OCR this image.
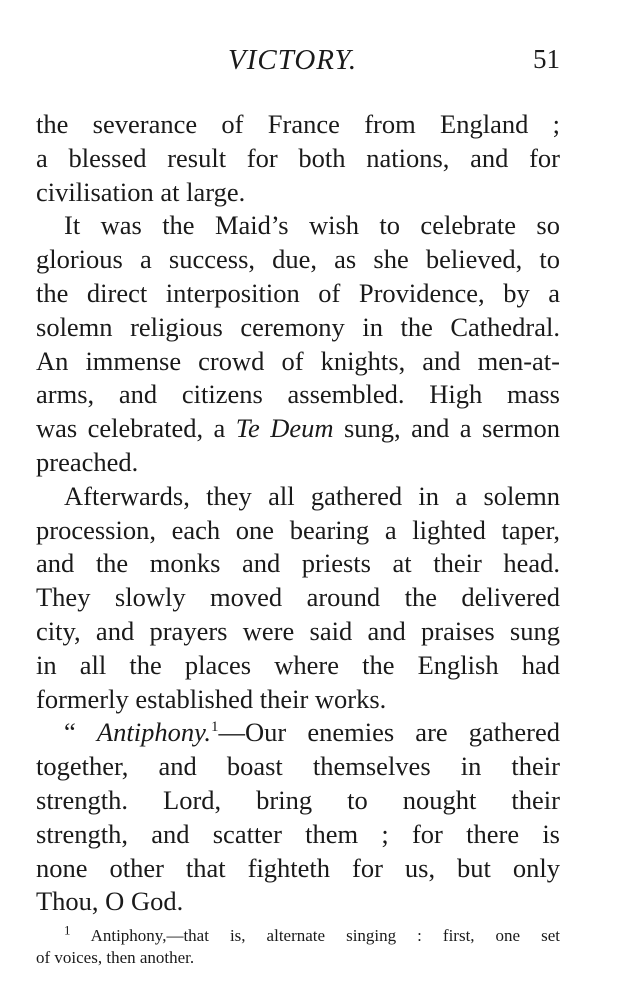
VICTORY.	51
the severance of France from England ;
a blessed result for both nations, and for
civilisation at large.
It was the Maid’s wish to celebrate so
glorious a success, due, as she believed, to
the direct interposition of Providence, by a
solemn religious ceremony in the Cathedral.
An immense crowd of knights, and men-at-
arms, and citizens assembled. High mass
was celebrated, a Te Deum sung, and a sermon
preached.
Afterwards, they all gathered in a solemn
procession, each one bearing a lighted taper,
and the monks and priests at their head.
They slowly moved around the delivered
city, and prayers were said and praises sung
in all the places where the English had
formerly established their works.
“ Antiphony.$^1$—Our enemies are gathered
together, and boast themselves in their
strength. Lord, bring to nought their
strength, and scatter them ; for there is
none other that fighteth for us, but only
Thou, O God.
$^1$ Antiphony,—that is, alternate singing : first, one set
of voices, then another.
